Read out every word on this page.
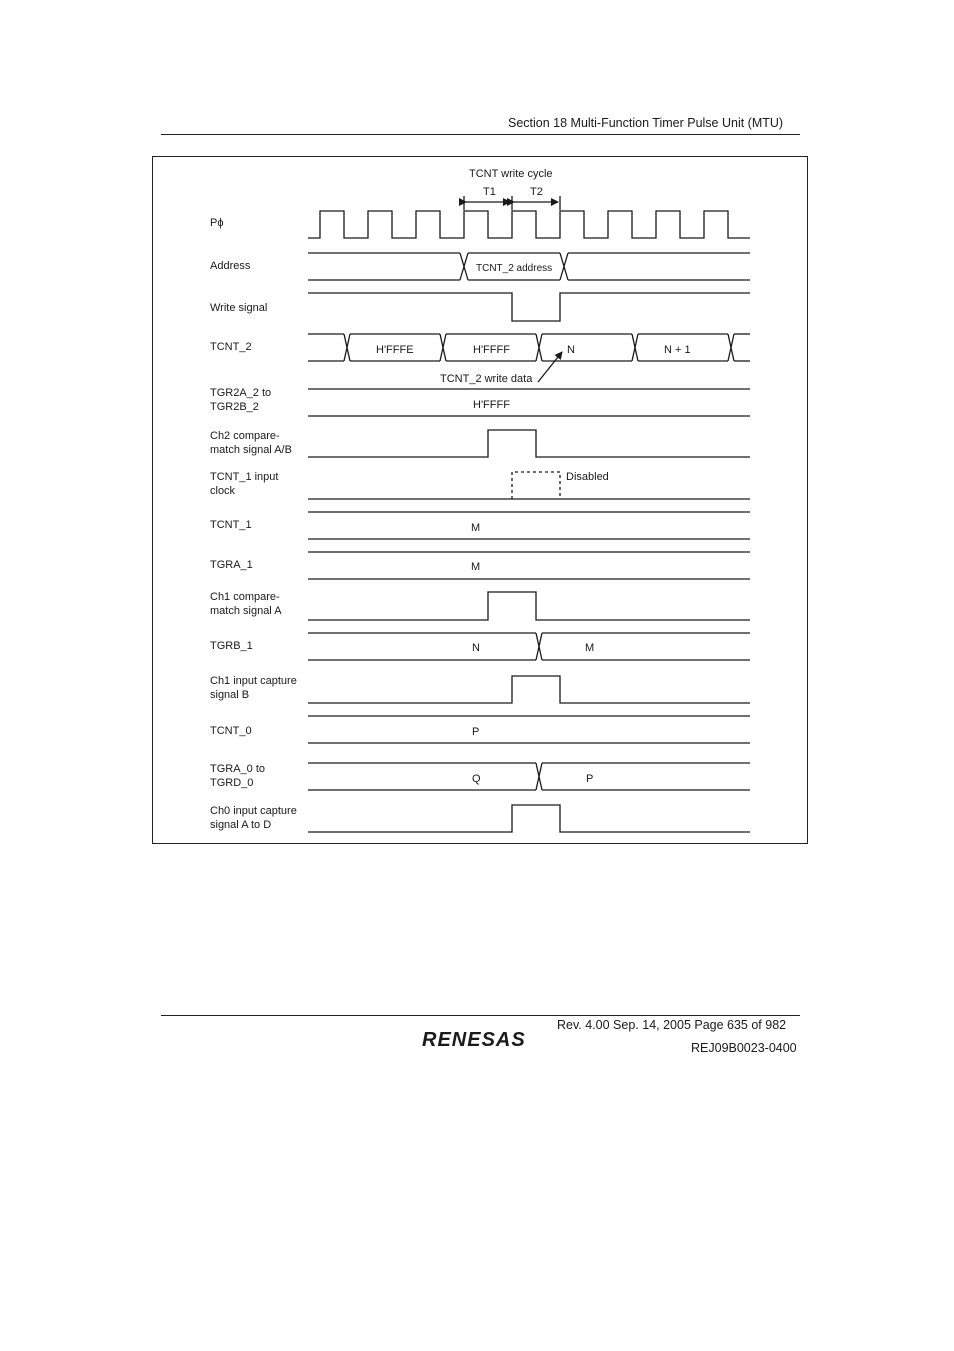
Section 18 Multi-Function Timer Pulse Unit (MTU)
Pϕ
Address
Write signal
TCNT_2
TGR2A_2 to
TGR2B_2
Ch2 compare-
match signal A/B
TCNT_1 input
clock
TCNT_1
TGRA_1
Ch1 compare-
match signal A
TGRB_1
Ch1 input capture
signal B
TCNT_0
TGRA_0 to
TGRD_0
Ch0 input capture
signal A to D
TCNT write cycle
T1	T2
TCNT_2 address
H'FFFE	H'FFFF	N	N + 1
TCNT_2 write data
H'FFFF
Disabled
M
M
N	M
P
Q	P
Rev. 4.00 Sep. 14, 2005 Page 635 of 982
RENESAS	REJ09B0023-0400
